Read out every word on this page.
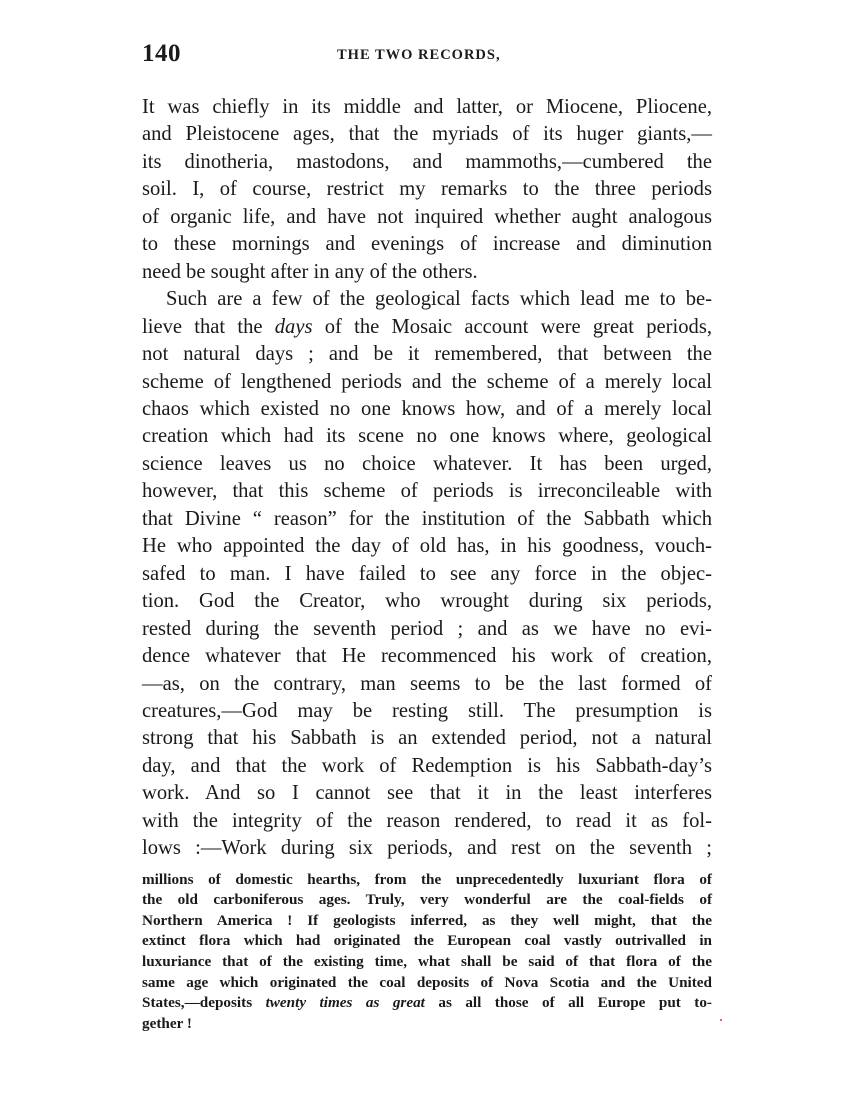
140	THE TWO RECORDS,
It was chiefly in its middle and latter, or Miocene, Pliocene,
and Pleistocene ages, that the myriads of its huger giants,—
its dinotheria, mastodons, and mammoths,—cumbered the
soil. I, of course, restrict my remarks to the three periods
of organic life, and have not inquired whether aught analogous
to these mornings and evenings of increase and diminution
need be sought after in any of the others.
Such are a few of the geological facts which lead me to be-
lieve that the days of the Mosaic account were great periods,
not natural days ; and be it remembered, that between the
scheme of lengthened periods and the scheme of a merely local
chaos which existed no one knows how, and of a merely local
creation which had its scene no one knows where, geological
science leaves us no choice whatever. It has been urged,
however, that this scheme of periods is irreconcileable with
that Divine “ reason” for the institution of the Sabbath which
He who appointed the day of old has, in his goodness, vouch-
safed to man. I have failed to see any force in the objec-
tion. God the Creator, who wrought during six periods,
rested during the seventh period ; and as we have no evi-
dence whatever that He recommenced his work of creation,
—as, on the contrary, man seems to be the last formed of
creatures,—God may be resting still. The presumption is
strong that his Sabbath is an extended period, not a natural
day, and that the work of Redemption is his Sabbath-day’s
work. And so I cannot see that it in the least interferes
with the integrity of the reason rendered, to read it as fol-
lows :—Work during six periods, and rest on the seventh ;
millions of domestic hearths, from the unprecedentedly luxuriant flora of
the old carboniferous ages. Truly, very wonderful are the coal-fields of
Northern America ! If geologists inferred, as they well might, that the
extinct flora which had originated the European coal vastly outrivalled in
luxuriance that of the existing time, what shall be said of that flora of the
same age which originated the coal deposits of Nova Scotia and the United
States,—deposits twenty times as great as all those of all Europe put to-
gether !
